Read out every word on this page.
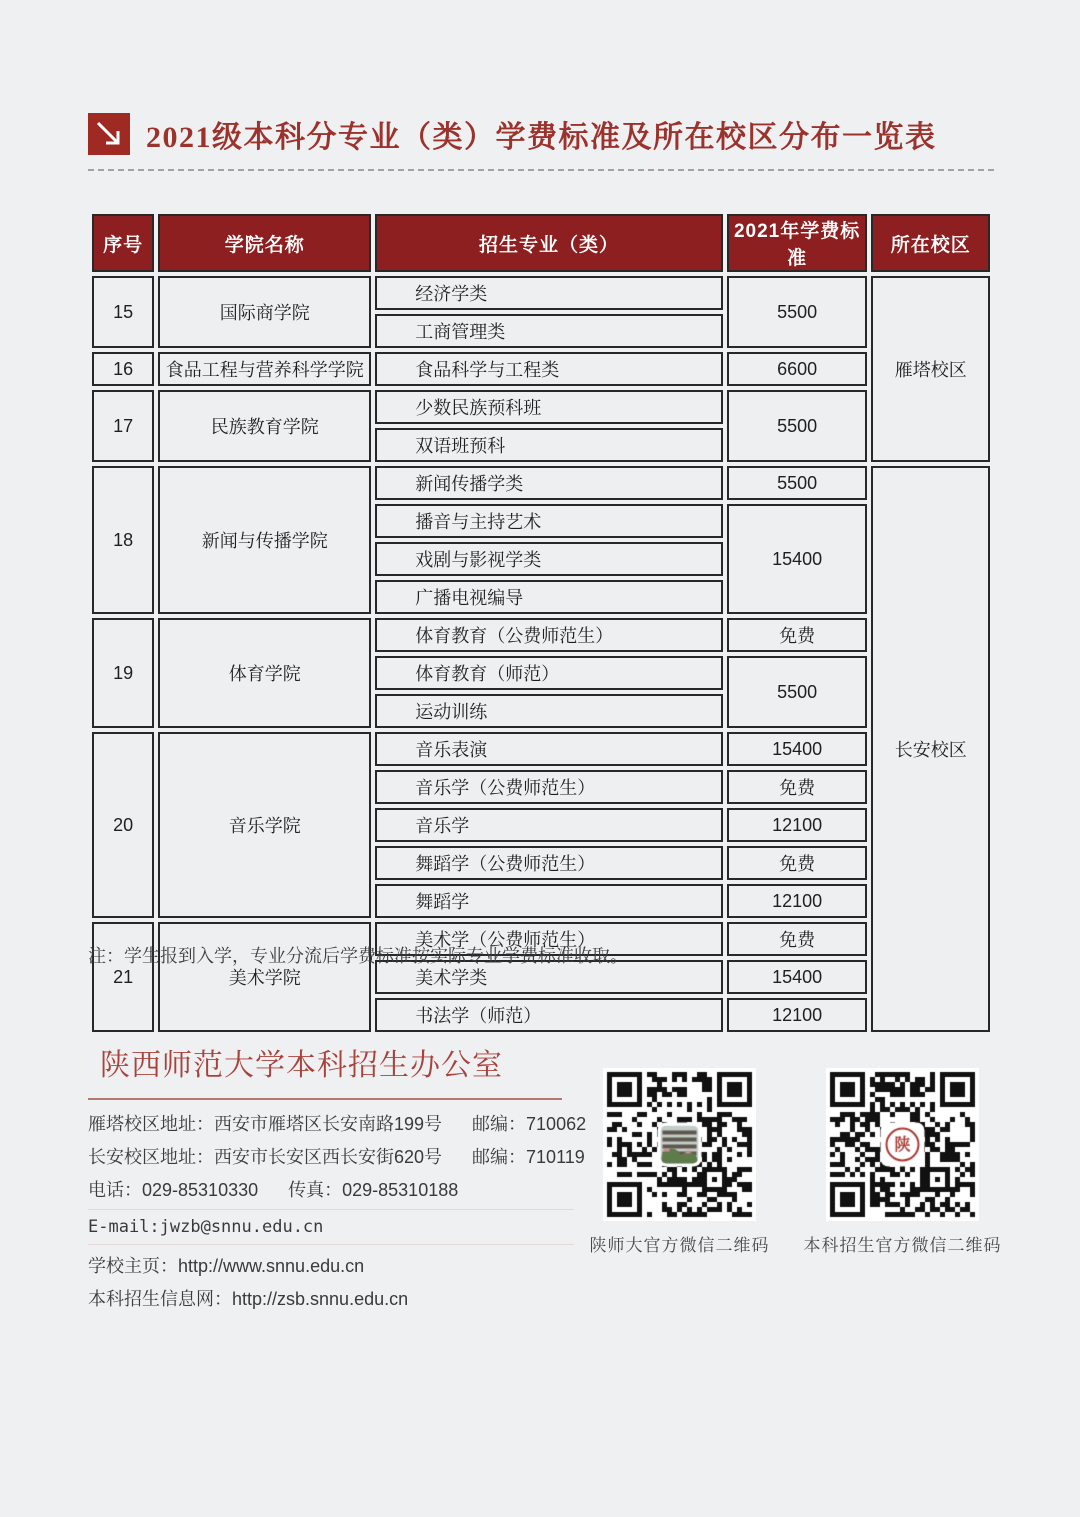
2021级本科分专业（类）学费标准及所在校区分布一览表
序号	学院名称	招生专业（类）	2021年学费标准	所在校区
15	国际商学院	经济学类	5500	雁塔校区
		工商管理类		
16	食品工程与营养科学学院	食品科学与工程类	6600	
17	民族教育学院	少数民族预科班	5500	
		双语班预科		
18	新闻与传播学院	新闻传播学类	5500	长安校区
		播音与主持艺术	15400	
		戏剧与影视学类		
		广播电视编导		
19	体育学院	体育教育（公费师范生）	免费	
		体育教育（师范）	5500	
		运动训练		
20	音乐学院	音乐表演	15400	
		音乐学（公费师范生）	免费	
		音乐学	12100	
		舞蹈学（公费师范生）	免费	
		舞蹈学	12100	
21	美术学院	美术学（公费师范生）	免费	
		美术学类	15400	
		书法学（师范）	12100	
注：学生报到入学，专业分流后学费标准按实际专业学费标准收取。
陕西师范大学本科招生办公室
雁塔校区地址：西安市雁塔区长安南路199号 邮编：710062
长安校区地址：西安市长安区西长安街620号 邮编：710119
电话：029-85310330 传真：029-85310188
E-mail:jwzb@snnu.edu.cn
学校主页：http://www.snnu.edu.cn
本科招生信息网：http://zsb.snnu.edu.cn
陕师大官方微信二维码 本科招生官方微信二维码
